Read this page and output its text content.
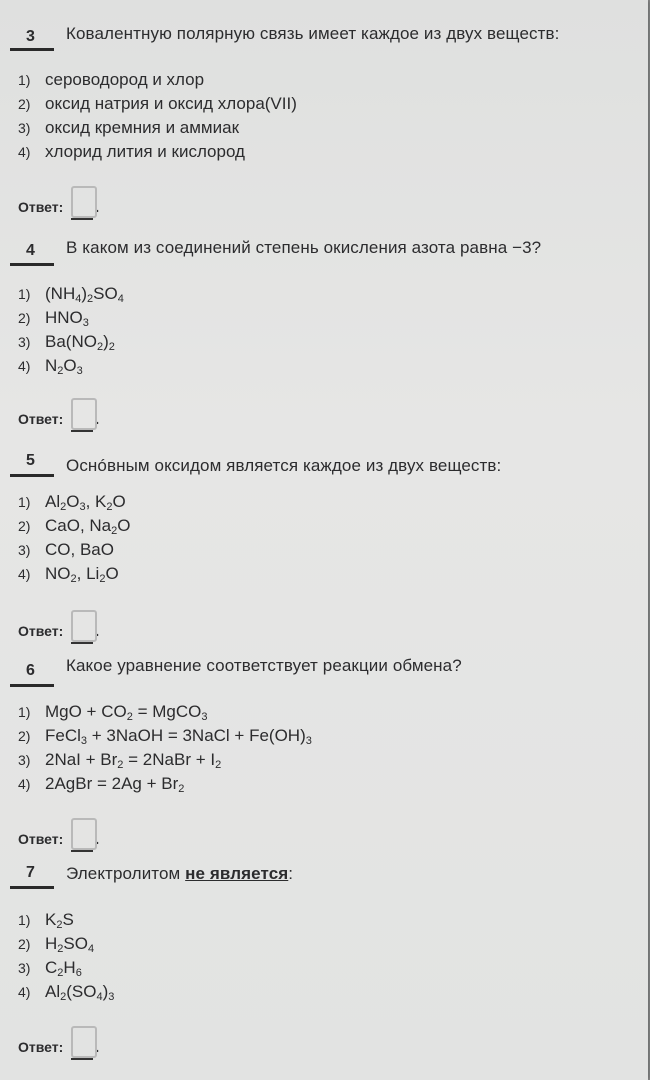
3 Ковалентную полярную связь имеет каждое из двух веществ:
1) сероводород и хлор
2) оксид натрия и оксид хлора(VII)
3) оксид кремния и аммиак
4) хлорид лития и кислород
Ответ: .
4 В каком из соединений степень окисления азота равна −3?
1) $(NH_4)_2SO_4$
2) $HNO_3$
3) $Ba(NO_2)_2$
4) $N_2O_3$
Ответ: .
5 Оснóвным оксидом является каждое из двух веществ:
1) $Al_2O_3$, $K_2O$
2) CaO, $Na_2O$
3) CO, BaO
4) $NO_2$, $Li_2O$
Ответ: .
6 Какое уравнение соответствует реакции обмена?
1) MgO + $CO_2$ = MgCO$_3$
2) FeCl$_3$ + 3NaOH = 3NaCl + $Fe(OH)_3$
3) $2NaI + Br_2$ = 2NaBr + $I_2$
4) 2AgBr = $2Ag + Br_2$
Ответ: .
7 Электролитом не является:
1) $K_2S$
2) $H_2SO_4$
3) $C_2H_6$
4) $Al_2(SO_4)_3$
Ответ: .
